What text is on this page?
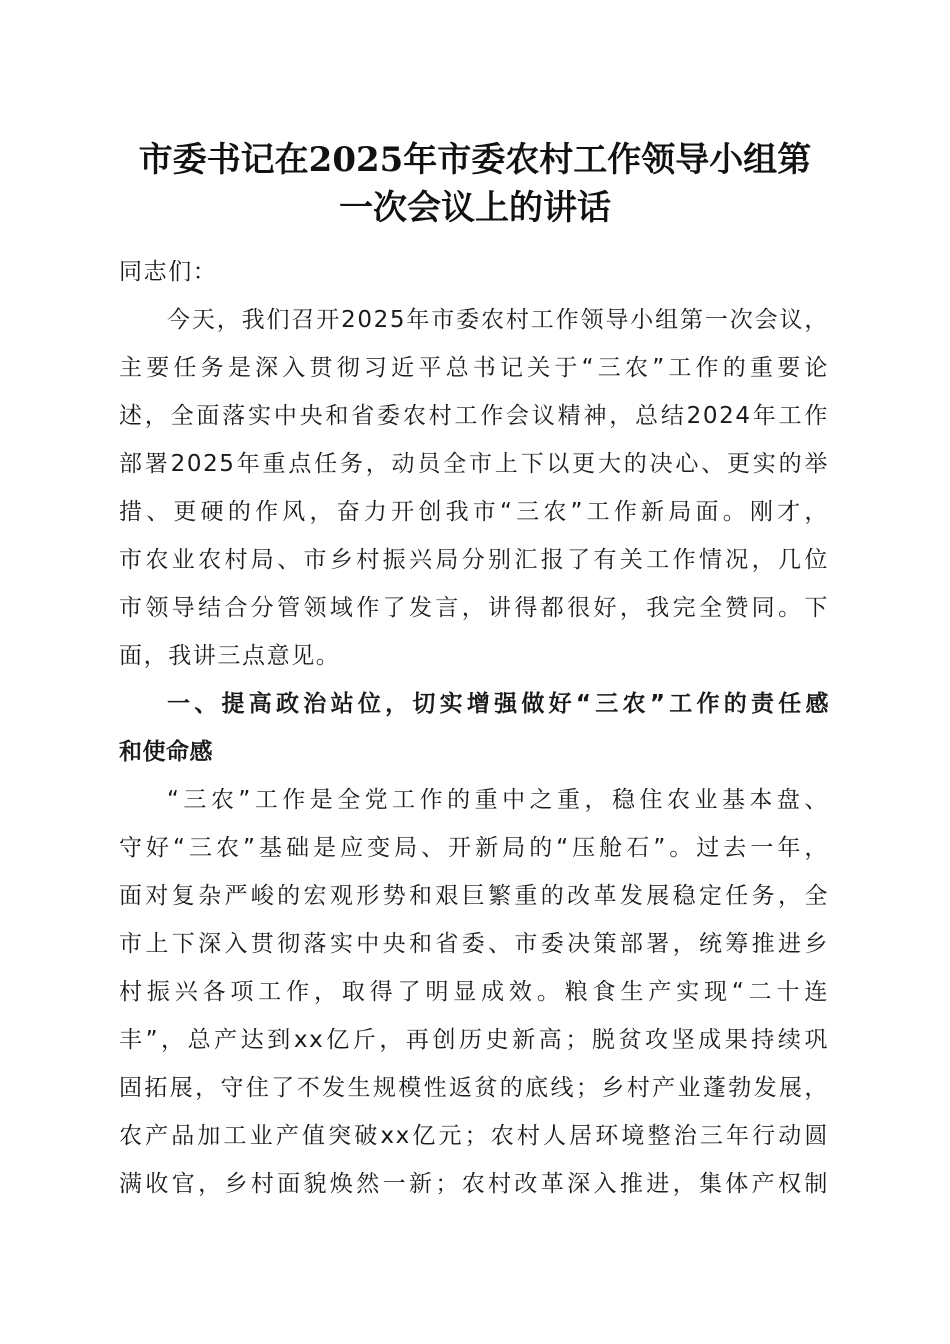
市委书记在2025年市委农村工作领导小组第
一次会议上的讲话
同志们：
今天，我们召开2025年市委农村工作领导小组第一次会议，
主要任务是深入贯彻习近平总书记关于“三农”工作的重要论
述，全面落实中央和省委农村工作会议精神，总结2024年工作
部署2025年重点任务，动员全市上下以更大的决心、更实的举
措、更硬的作风，奋力开创我市“三农”工作新局面。刚才，
市农业农村局、市乡村振兴局分别汇报了有关工作情况，几位
市领导结合分管领域作了发言，讲得都很好，我完全赞同。下
面，我讲三点意见。
一、提高政治站位，切实增强做好“三农”工作的责任感
和使命感
“三农”工作是全党工作的重中之重，稳住农业基本盘、
守好“三农”基础是应变局、开新局的“压舱石”。过去一年，
面对复杂严峻的宏观形势和艰巨繁重的改革发展稳定任务，全
市上下深入贯彻落实中央和省委、市委决策部署，统筹推进乡
村振兴各项工作，取得了明显成效。粮食生产实现“二十连
丰”，总产达到xx亿斤，再创历史新高；脱贫攻坚成果持续巩
固拓展，守住了不发生规模性返贫的底线；乡村产业蓬勃发展，
农产品加工业产值突破xx亿元；农村人居环境整治三年行动圆
满收官，乡村面貌焕然一新；农村改革深入推进，集体产权制
